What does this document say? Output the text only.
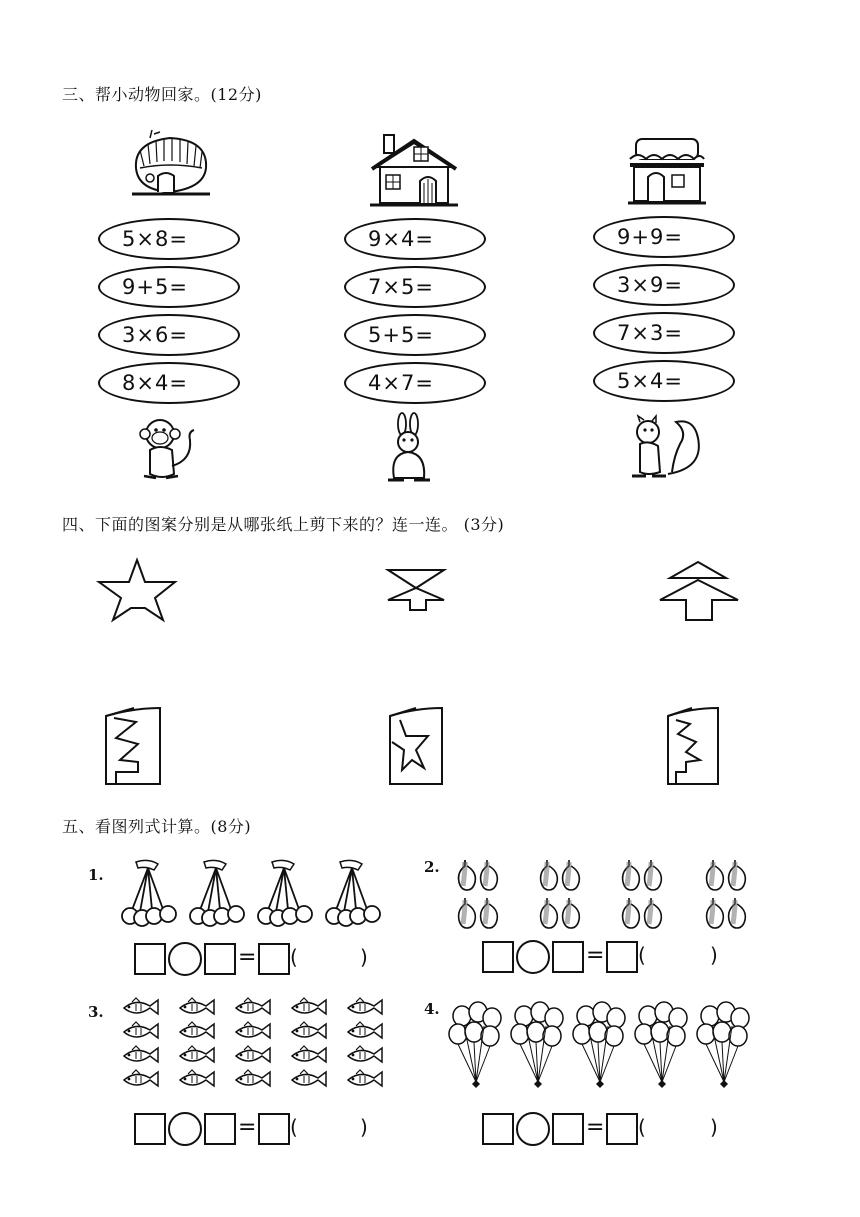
三、帮小动物回家。(12分)
5×8=
9+5=
3×6=
8×4=
9×4=
7×5=
5+5=
4×7=
9+9=
3×9=
7×3=
5×4=
四、下面的图案分别是从哪张纸上剪下来的？连一连。 (3分)
五、看图列式计算。(8分)
1.
= (	)
2.
= (	)
3.
= (	)
4.
= (	)
